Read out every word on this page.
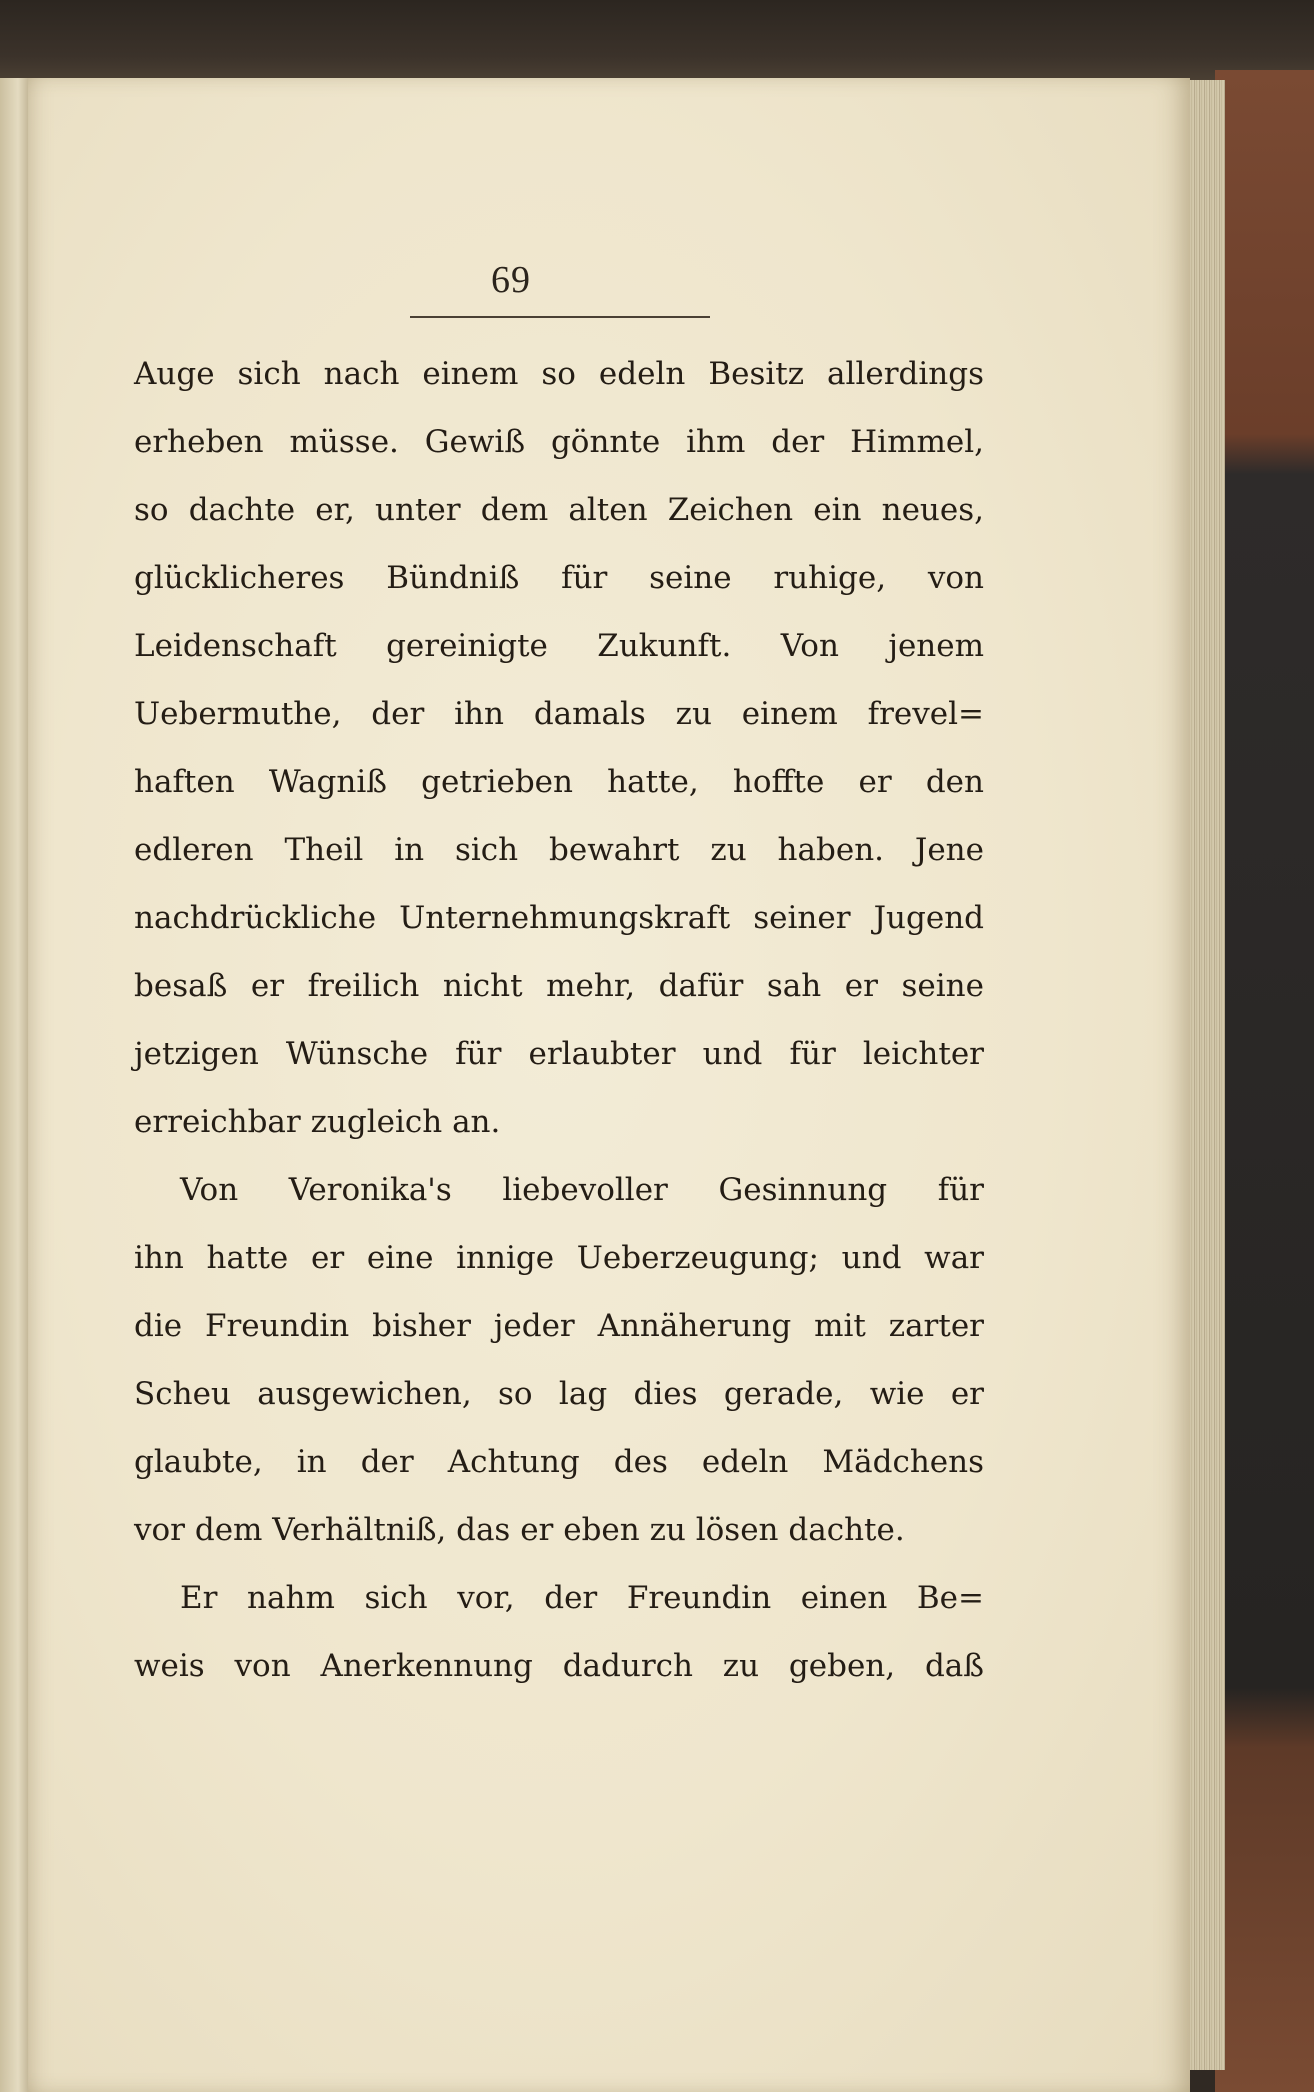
69
Auge sich nach einem so edeln Besitz allerdings
erheben müsse. Gewiß gönnte ihm der Himmel,
so dachte er, unter dem alten Zeichen ein neues,
glücklicheres Bündniß für seine ruhige, von
Leidenschaft gereinigte Zukunft. Von jenem
Uebermuthe, der ihn damals zu einem frevel=
haften Wagniß getrieben hatte, hoffte er den
edleren Theil in sich bewahrt zu haben. Jene
nachdrückliche Unternehmungskraft seiner Jugend
besaß er freilich nicht mehr, dafür sah er seine
jetzigen Wünsche für erlaubter und für leichter
erreichbar zugleich an.
Von Veronika's liebevoller Gesinnung für
ihn hatte er eine innige Ueberzeugung; und war
die Freundin bisher jeder Annäherung mit zarter
Scheu ausgewichen, so lag dies gerade, wie er
glaubte, in der Achtung des edeln Mädchens
vor dem Verhältniß, das er eben zu lösen dachte.
Er nahm sich vor, der Freundin einen Be=
weis von Anerkennung dadurch zu geben, daß
